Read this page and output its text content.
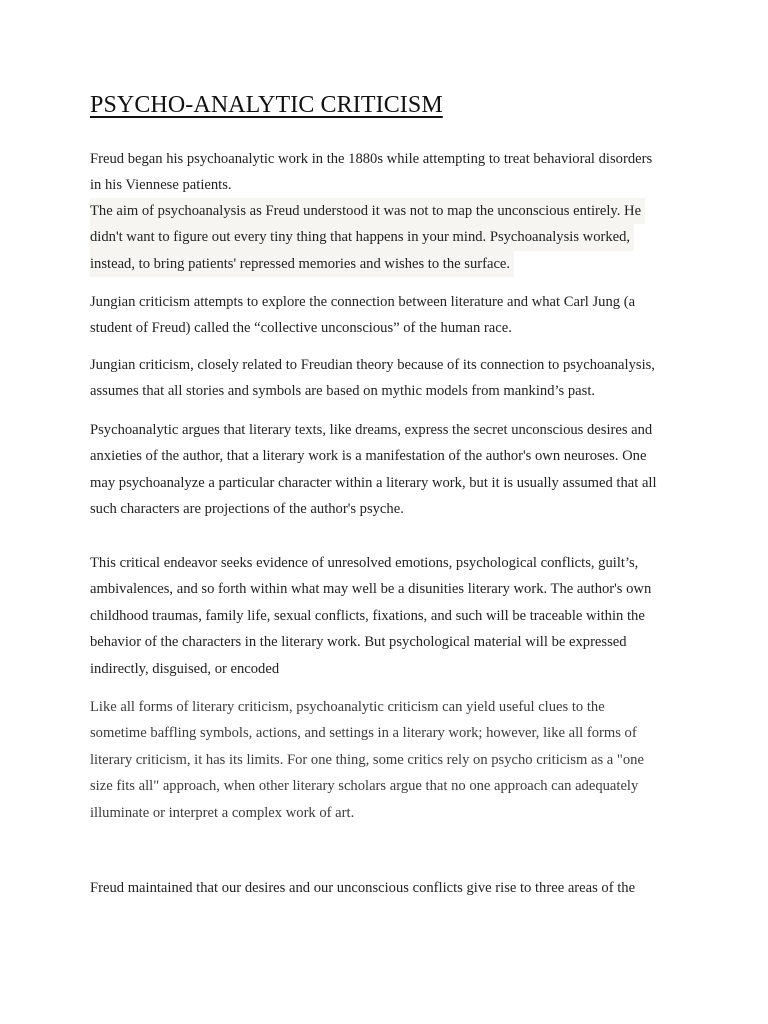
PSYCHO-ANALYTIC CRITICISM

Freud began his psychoanalytic work in the 1880s while attempting to treat behavioral disorders
in his Viennese patients.

The aim of psychoanalysis as Freud understood it was not to map the unconscious entirely. He
didn't want to figure out every tiny thing that happens in your mind. Psychoanalysis worked,
instead, to bring patients' repressed memories and wishes to the surface.

Jungian criticism attempts to explore the connection between literature and what Carl Jung (a
student of Freud) called the “collective unconscious” of the human race.

Jungian criticism, closely related to Freudian theory because of its connection to psychoanalysis,
assumes that all stories and symbols are based on mythic models from mankind’s past.

Psychoanalytic argues that literary texts, like dreams, express the secret unconscious desires and
anxieties of the author, that a literary work is a manifestation of the author's own neuroses. One
may psychoanalyze a particular character within a literary work, but it is usually assumed that all
such characters are projections of the author's psyche.

This critical endeavor seeks evidence of unresolved emotions, psychological conflicts, guilt’s,
ambivalences, and so forth within what may well be a disunities literary work. The author's own
childhood traumas, family life, sexual conflicts, fixations, and such will be traceable within the
behavior of the characters in the literary work. But psychological material will be expressed
indirectly, disguised, or encoded

Like all forms of literary criticism, psychoanalytic criticism can yield useful clues to the
sometime baffling symbols, actions, and settings in a literary work; however, like all forms of
literary criticism, it has its limits. For one thing, some critics rely on psycho criticism as a "one
size fits all" approach, when other literary scholars argue that no one approach can adequately
illuminate or interpret a complex work of art.

Freud maintained that our desires and our unconscious conflicts give rise to three areas of the
